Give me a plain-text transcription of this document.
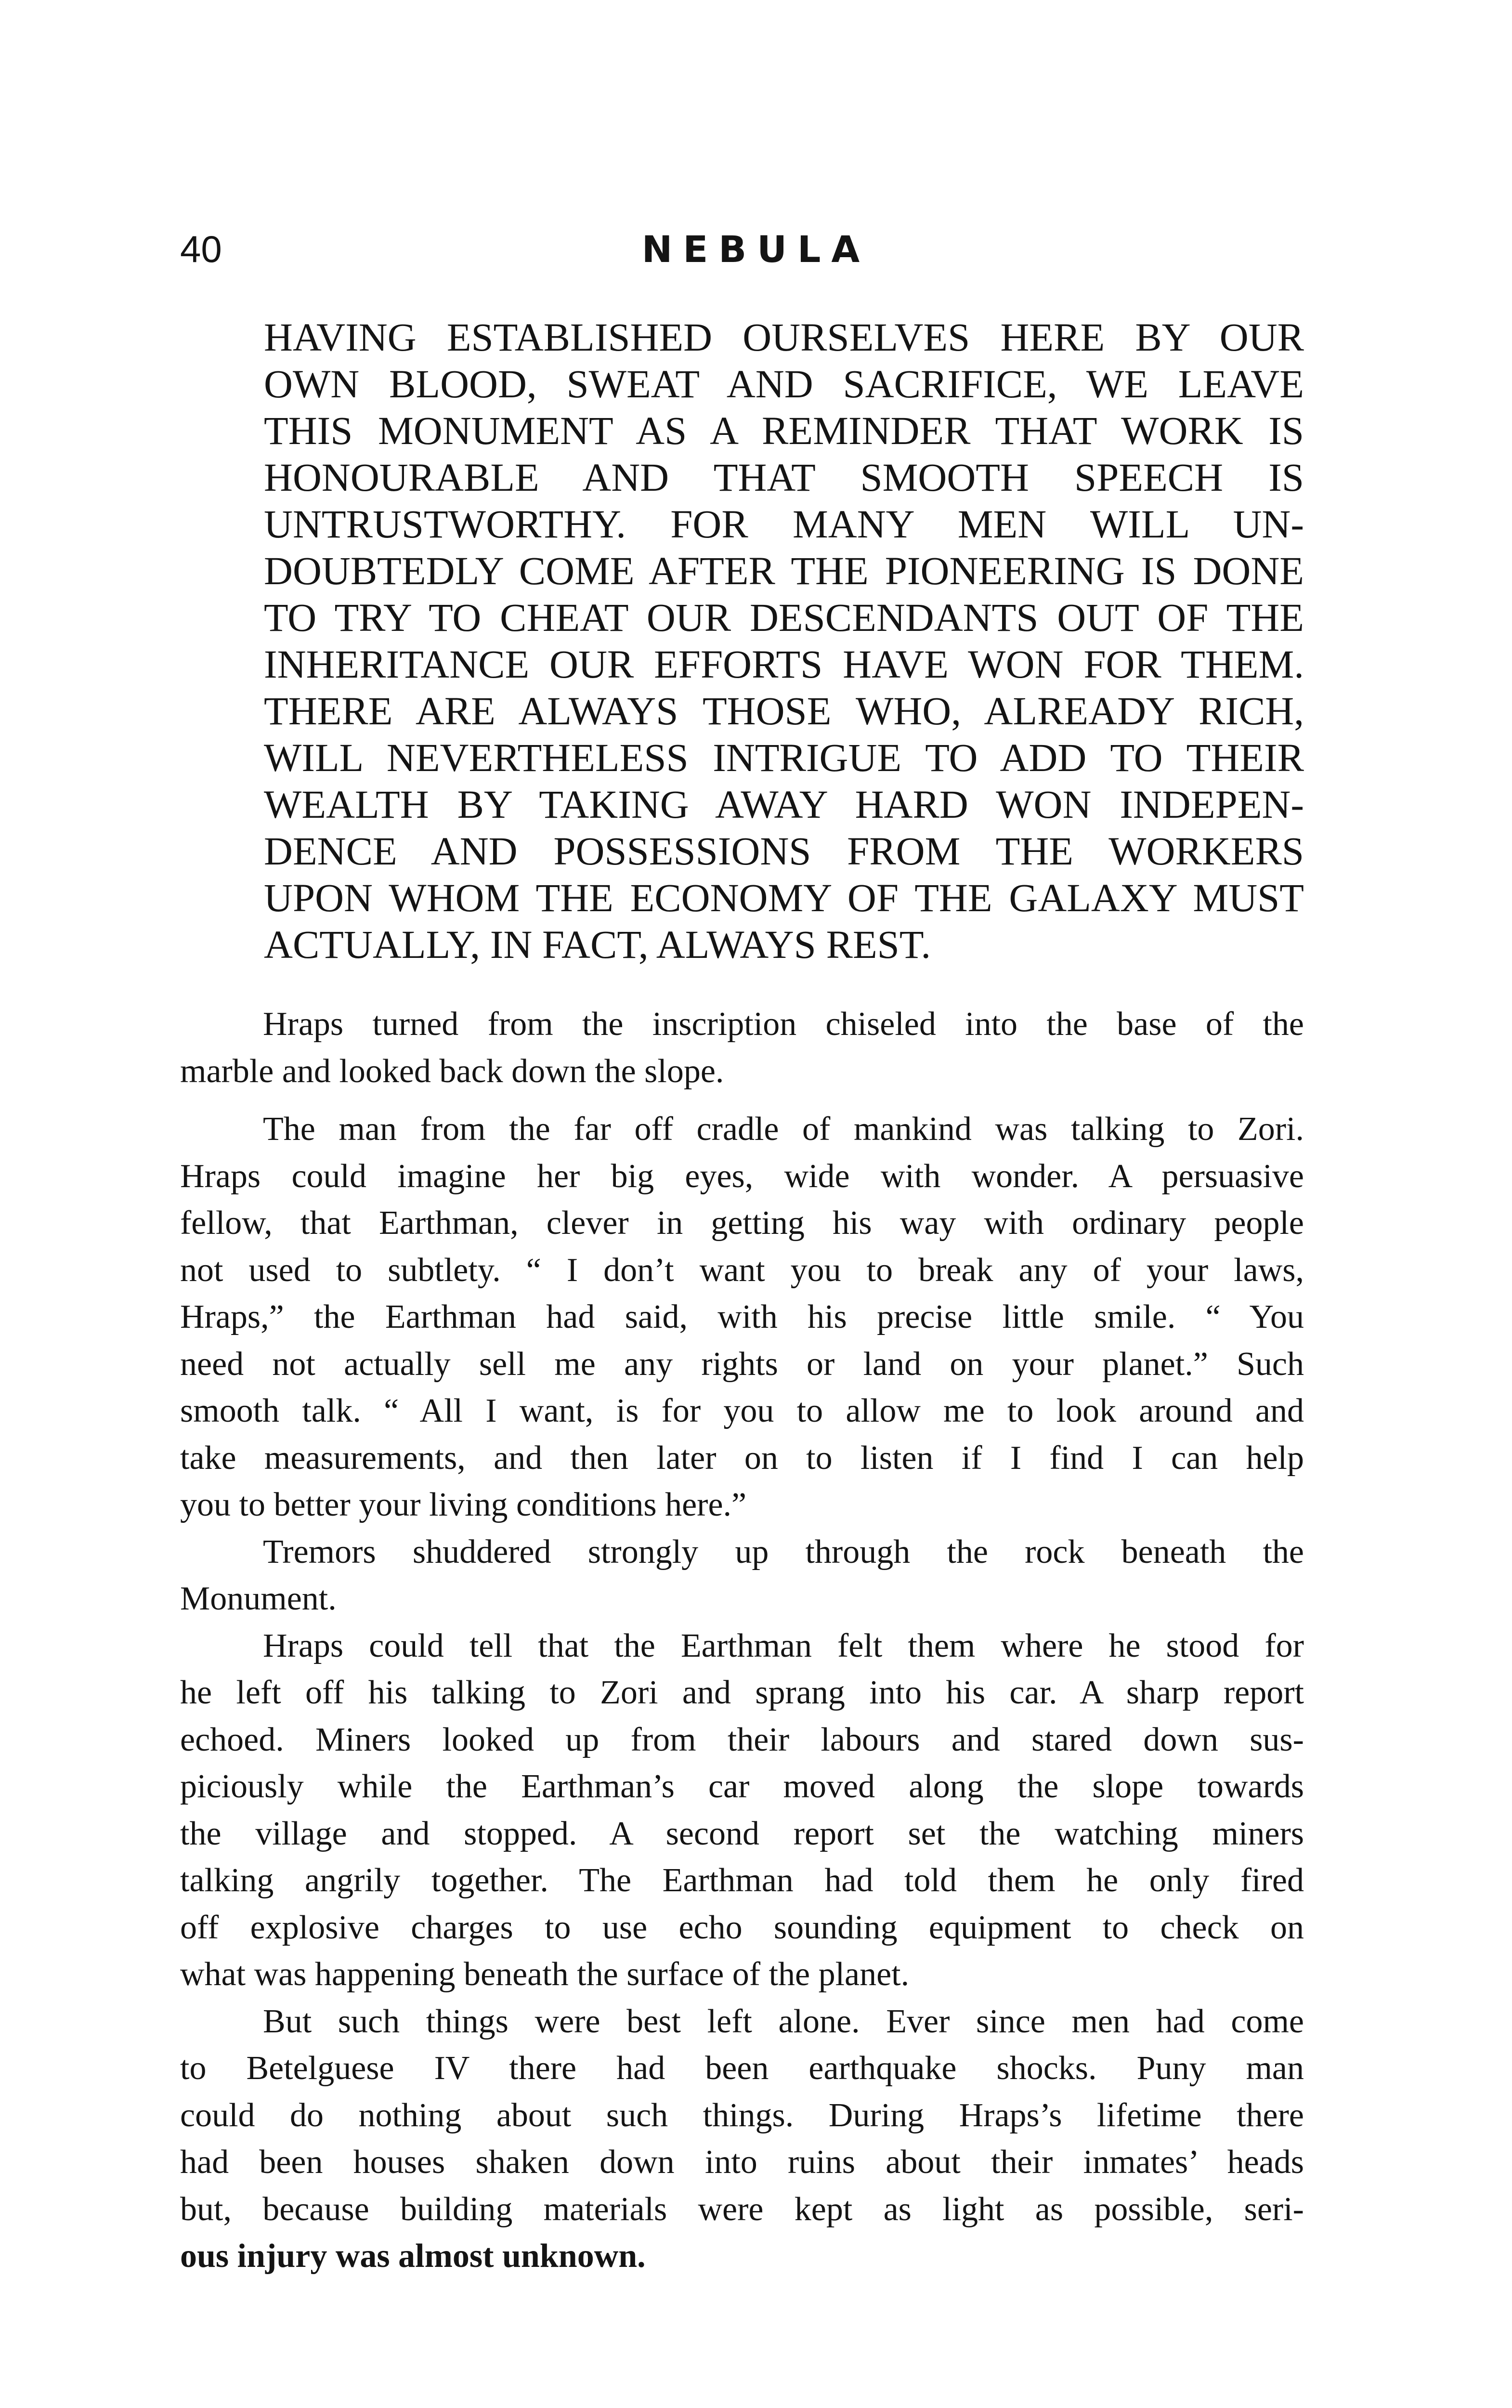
40	NEBULA
HAVING ESTABLISHED OURSELVES HERE BY OUR
OWN BLOOD, SWEAT AND SACRIFICE, WE LEAVE
THIS MONUMENT AS A REMINDER THAT WORK IS
HONOURABLE AND THAT SMOOTH SPEECH IS
UNTRUSTWORTHY. FOR MANY MEN WILL UN-
DOUBTEDLY COME AFTER THE PIONEERING IS DONE
TO TRY TO CHEAT OUR DESCENDANTS OUT OF THE
INHERITANCE OUR EFFORTS HAVE WON FOR THEM.
THERE ARE ALWAYS THOSE WHO, ALREADY RICH,
WILL NEVERTHELESS INTRIGUE TO ADD TO THEIR
WEALTH BY TAKING AWAY HARD WON INDEPEN-
DENCE AND POSSESSIONS FROM THE WORKERS
UPON WHOM THE ECONOMY OF THE GALAXY MUST
ACTUALLY, IN FACT, ALWAYS REST.
Hraps turned from the inscription chiseled into the base of the
marble and looked back down the slope.
The man from the far off cradle of mankind was talking to Zori.
Hraps could imagine her big eyes, wide with wonder. A persuasive
fellow, that Earthman, clever in getting his way with ordinary people
not used to subtlety. “ I don’t want you to break any of your laws,
Hraps,” the Earthman had said, with his precise little smile. “ You
need not actually sell me any rights or land on your planet.” Such
smooth talk. “ All I want, is for you to allow me to look around and
take measurements, and then later on to listen if I find I can help
you to better your living conditions here.”
Tremors shuddered strongly up through the rock beneath the
Monument.
Hraps could tell that the Earthman felt them where he stood for
he left off his talking to Zori and sprang into his car. A sharp report
echoed. Miners looked up from their labours and stared down sus-
piciously while the Earthman’s car moved along the slope towards
the village and stopped. A second report set the watching miners
talking angrily together. The Earthman had told them he only fired
off explosive charges to use echo sounding equipment to check on
what was happening beneath the surface of the planet.
But such things were best left alone. Ever since men had come
to Betelguese IV there had been earthquake shocks. Puny man
could do nothing about such things. During Hraps’s lifetime there
had been houses shaken down into ruins about their inmates’ heads
but, because building materials were kept as light as possible, seri-
ous injury was almost unknown.
